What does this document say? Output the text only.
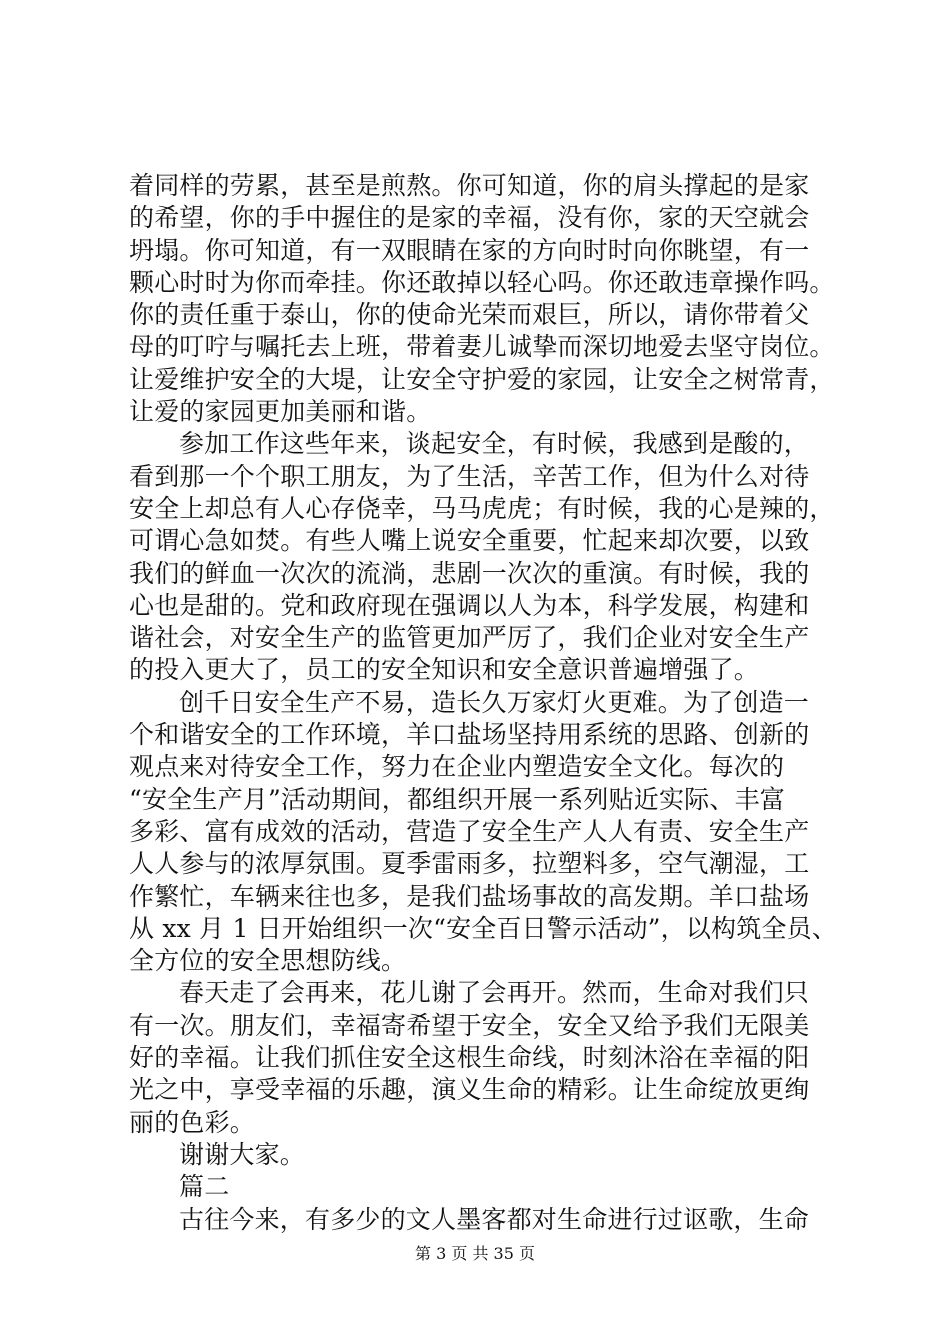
着同样的劳累，甚至是煎熬。你可知道，你的肩头撑起的是家
的希望，你的手中握住的是家的幸福，没有你，家的天空就会
坍塌。你可知道，有一双眼睛在家的方向时时向你眺望，有一
颗心时时为你而牵挂。你还敢掉以轻心吗。你还敢违章操作吗。
你的责任重于泰山，你的使命光荣而艰巨，所以，请你带着父
母的叮咛与嘱托去上班，带着妻儿诚挚而深切地爱去坚守岗位。
让爱维护安全的大堤，让安全守护爱的家园，让安全之树常青，
让爱的家园更加美丽和谐。
参加工作这些年来，谈起安全，有时候，我感到是酸的，
看到那一个个职工朋友，为了生活，辛苦工作，但为什么对待
安全上却总有人心存侥幸，马马虎虎；有时候，我的心是辣的，
可谓心急如焚。有些人嘴上说安全重要，忙起来却次要，以致
我们的鲜血一次次的流淌，悲剧一次次的重演。有时候，我的
心也是甜的。党和政府现在强调以人为本，科学发展，构建和
谐社会，对安全生产的监管更加严厉了，我们企业对安全生产
的投入更大了，员工的安全知识和安全意识普遍增强了。
创千日安全生产不易，造长久万家灯火更难。为了创造一
个和谐安全的工作环境，羊口盐场坚持用系统的思路、创新的
观点来对待安全工作，努力在企业内塑造安全文化。每次的
“安全生产月”活动期间，都组织开展一系列贴近实际、丰富
多彩、富有成效的活动，营造了安全生产人人有责、安全生产
人人参与的浓厚氛围。夏季雷雨多，拉塑料多，空气潮湿，工
作繁忙，车辆来往也多，是我们盐场事故的高发期。羊口盐场
从 xx 月 1 日开始组织一次“安全百日警示活动”，以构筑全员、
全方位的安全思想防线。
春天走了会再来，花儿谢了会再开。然而，生命对我们只
有一次。朋友们，幸福寄希望于安全，安全又给予我们无限美
好的幸福。让我们抓住安全这根生命线，时刻沐浴在幸福的阳
光之中，享受幸福的乐趣，演义生命的精彩。让生命绽放更绚
丽的色彩。
谢谢大家。
篇二
古往今来，有多少的文人墨客都对生命进行过讴歌，生命
第 3 页 共 35 页
